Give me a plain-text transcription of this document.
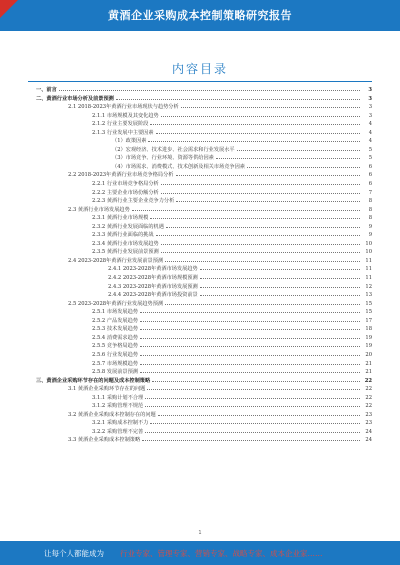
黄酒企业采购成本控制策略研究报告
内容目录
一、前言	3
二、黄酒行业市场分析及前景预测	3
2.1 2018-2023年黄酒行业市场现状与趋势分析	3
2.1.1 市场规模及其变化趋势	3
2.1.2 行业主要发展阶段	4
2.1.3 行业发展中主要因素	4
（1）政策因素	4
（2）宏观经济、技术进步、社会需求和行业发展水平	5
（3）市场竞争、行业环境、资源等供给因素	5
（4）市场需求、消费模式、技术创新及相关市场竞争因素	6
2.2 2018-2023年黄酒行业市场竞争格局分析	6
2.2.1 行业市场竞争格局分析	6
2.2.2 主要企业市场份额分析	7
2.2.3 黄酒行业主要企业竞争力分析	8
2.3 黄酒行业市场发展趋势	8
2.3.1 黄酒行业市场规模	8
2.3.2 黄酒行业发展面临的机遇	9
2.3.3 黄酒行业面临的挑战	9
2.3.4 黄酒行业市场发展趋势	10
2.3.5 黄酒行业发展前景预测	10
2.4 2023-2028年黄酒行业发展前景预测	11
2.4.1 2023-2028年黄酒市场发展趋势	11
2.4.2 2023-2028年黄酒市场规模预测	11
2.4.3 2023-2028年黄酒市场发展预测	12
2.4.4 2023-2028年黄酒市场投资前景	13
2.5 2023-2028年黄酒行业发展趋势预测	15
2.5.1 市场发展趋势	15
2.5.2 产品发展趋势	17
2.5.3 技术发展趋势	18
2.5.4 消费需求趋势	19
2.5.5 竞争格局趋势	19
2.5.6 行业发展趋势	20
2.5.7 市场规模趋势	21
2.5.8 发展前景预测	21
三、黄酒企业采购环节存在的问题及成本控制策略	22
3.1 黄酒企业采购环节存在的问题	22
3.1.1 采购计划不合理	22
3.1.2 采购管理不规范	22
3.2 黄酒企业采购成本控制存在的问题	23
3.2.1 采购成本控制不力	23
3.2.2 采购管理不完善	24
3.3 黄酒企业采购成本控制策略	24
1
让每个人都能成为 行业专家、管理专家、营销专家、战略专家、成本企业家……
